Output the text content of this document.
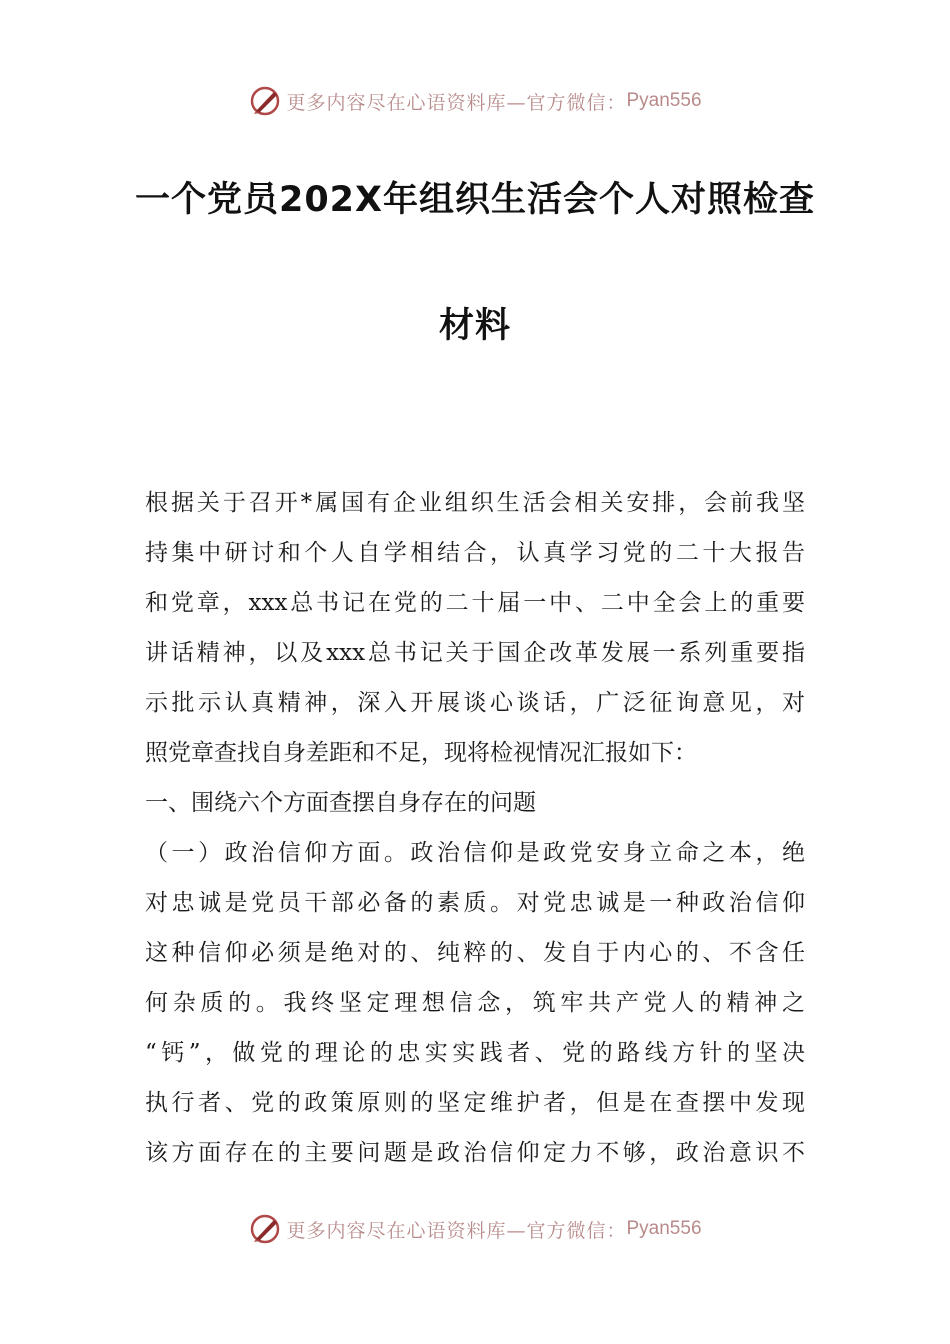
更多内容尽在心语资料库—官方微信： Pyan556
一个党员202X年组织生活会个人对照检查
材料
根据关于召开*属国有企业组织生活会相关安排，会前我坚
持集中研讨和个人自学相结合，认真学习党的二十大报告
和党章，xxx总书记在党的二十届一中、二中全会上的重要
讲话精神，以及xxx总书记关于国企改革发展一系列重要指
示批示认真精神，深入开展谈心谈话，广泛征询意见，对
照党章查找自身差距和不足，现将检视情况汇报如下：
一、围绕六个方面查摆自身存在的问题
（一）政治信仰方面。政治信仰是政党安身立命之本，绝
对忠诚是党员干部必备的素质。对党忠诚是一种政治信仰
这种信仰必须是绝对的、纯粹的、发自于内心的、不含任
何杂质的。我终坚定理想信念，筑牢共产党人的精神之
“钙”，做党的理论的忠实实践者、党的路线方针的坚决
执行者、党的政策原则的坚定维护者，但是在查摆中发现
该方面存在的主要问题是政治信仰定力不够，政治意识不
更多内容尽在心语资料库—官方微信： Pyan556
